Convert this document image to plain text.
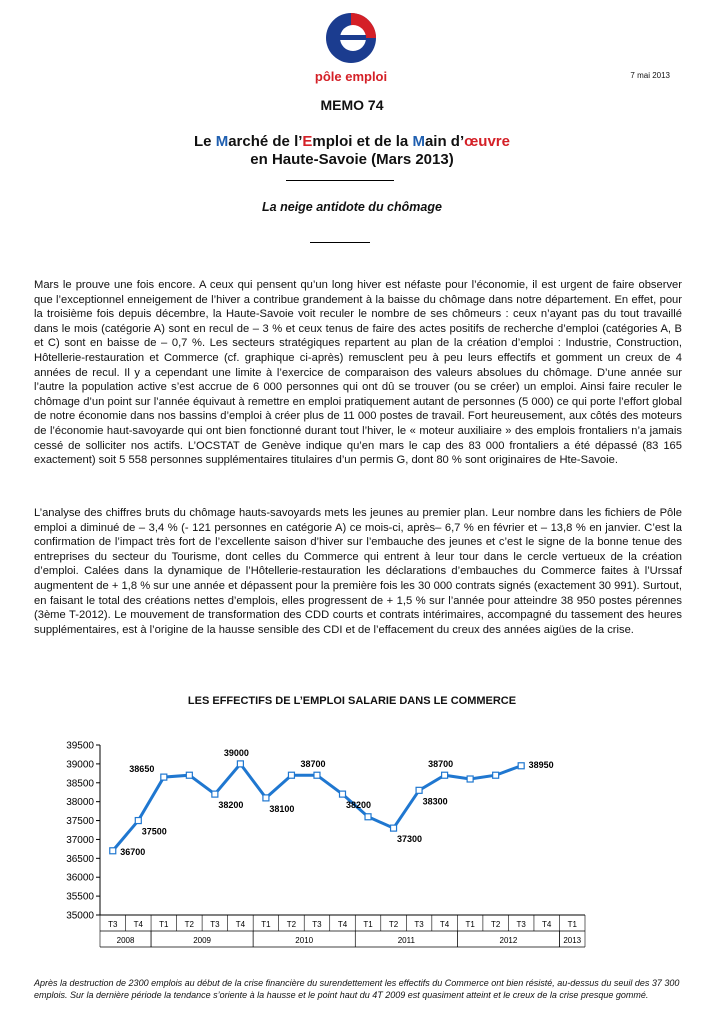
pôle emploi	7 mai 2013
MEMO 74
Le Marché de l’Emploi et de la Main d’œuvre
en Haute-Savoie (Mars 2013)
La neige antidote du chômage

Mars le prouve une fois encore. A ceux qui pensent qu’un long hiver est néfaste pour l’économie, il est urgent de faire observer que l’exceptionnel enneigement de l’hiver a contribue grandement à la baisse du chômage dans notre département. En effet, pour la troisième fois depuis décembre, la Haute-Savoie voit reculer le nombre de ses chômeurs : ceux n’ayant pas du tout travaillé dans le mois (catégorie A) sont en recul de – 3 % et ceux tenus de faire des actes positifs de recherche d’emploi (catégories A, B et C) sont en baisse de – 0,7 %. Les secteurs stratégiques repartent au plan de la création d’emploi : Industrie, Construction, Hôtellerie-restauration et Commerce (cf. graphique ci-après) remusclent peu à peu leurs effectifs et gomment un creux de 4 années de recul. Il y a cependant une limite à l’exercice de comparaison des valeurs absolues du chômage. D’une année sur l’autre la population active s’est accrue de 6 000 personnes qui ont dû se trouver (ou se créer) un emploi. Ainsi faire reculer le chômage d’un point sur l’année équivaut à remettre en emploi pratiquement autant de personnes (5 000) ce qui porte l’effort global de notre économie dans nos bassins d’emploi à créer plus de 11 000 postes de travail. Fort heureusement, aux côtés des moteurs de l’économie haut-savoyarde qui ont bien fonctionné durant tout l’hiver, le « moteur auxiliaire » des emplois frontaliers n’a jamais cessé de solliciter nos actifs. L’OCSTAT de Genève indique qu’en mars le cap des 83 000 frontaliers a été dépassé (83 165 exactement) soit 5 558 personnes supplémentaires titulaires d’un permis G, dont 80 % sont originaires de Hte-Savoie.

L’analyse des chiffres bruts du chômage hauts-savoyards mets les jeunes au premier plan. Leur nombre dans les fichiers de Pôle emploi a diminué de – 3,4 % (- 121 personnes en catégorie A) ce mois-ci, après– 6,7 % en février et – 13,8 % en janvier. C’est la confirmation de l’impact très fort de l’excellente saison d’hiver sur l’embauche des jeunes et c’est le signe de la bonne tenue des entreprises du secteur du Tourisme, dont celles du Commerce qui entrent à leur tour dans le cercle vertueux de la création d’emploi. Calées dans la dynamique de l’Hôtellerie-restauration les déclarations d’embauches du Commerce faites à l’Urssaf augmentent de + 1,8 % sur une année et dépassent pour la première fois les 30 000 contrats signés (exactement 30 991). Surtout, en faisant le total des créations nettes d’emplois, elles progressent de + 1,5 % sur l’année pour atteindre 38 950 postes pérennes (3ème T-2012). Le mouvement de transformation des CDD courts et contrats intérimaires, accompagné du tassement des heures supplémentaires, est à l’origine de la hausse sensible des CDI et de l’effacement du creux des années aigües de la crise.

LES EFFECTIFS DE L’EMPLOI SALARIE DANS LE COMMERCE
35000
35500
36000
36500
37000
37500
38000
38500
39000
39500
T3 T4 T1 T2 T3 T4 T1 T2 T3 T4 T1 T2 T3 T4 T1 T2 T3 T4 T1
2008	2009	2010	2011	2012	2013
36700
37500
38650
38200
39000
38100
38700
38200
37300
38300
38700	38950

Après la destruction de 2300 emplois au début de la crise financière du surendettement les effectifs du Commerce ont bien résisté, au-dessus du seuil des 37 300 emplois. Sur la dernière période la tendance s’oriente à la hausse et le point haut du 4T 2009 est quasiment atteint et le creux de la crise presque gommé.
